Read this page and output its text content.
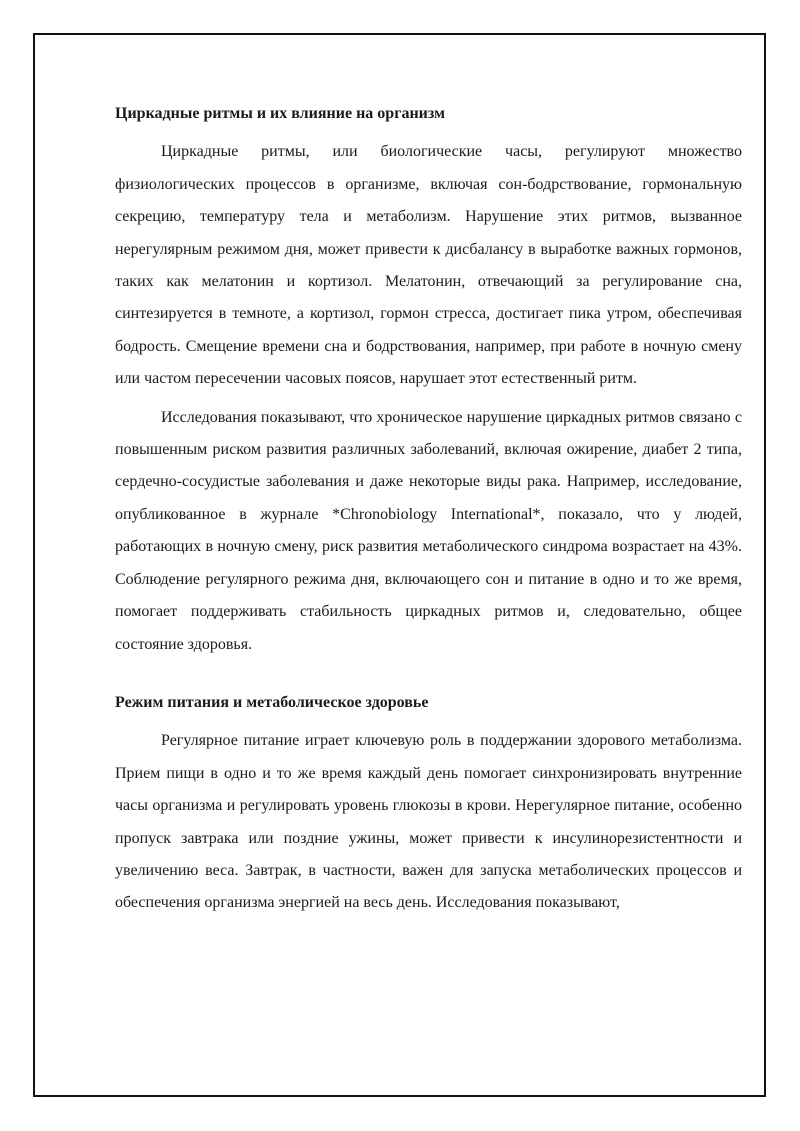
Циркадные ритмы и их влияние на организм

Циркадные ритмы, или биологические часы, регулируют множество физиологических процессов в организме, включая сон-бодрствование, гормональную секрецию, температуру тела и метаболизм. Нарушение этих ритмов, вызванное нерегулярным режимом дня, может привести к дисбалансу в выработке важных гормонов, таких как мелатонин и кортизол. Мелатонин, отвечающий за регулирование сна, синтезируется в темноте, а кортизол, гормон стресса, достигает пика утром, обеспечивая бодрость. Смещение времени сна и бодрствования, например, при работе в ночную смену или частом пересечении часовых поясов, нарушает этот естественный ритм.

Исследования показывают, что хроническое нарушение циркадных ритмов связано с повышенным риском развития различных заболеваний, включая ожирение, диабет 2 типа, сердечно-сосудистые заболевания и даже некоторые виды рака. Например, исследование, опубликованное в журнале *Chronobiology International*, показало, что у людей, работающих в ночную смену, риск развития метаболического синдрома возрастает на 43%. Соблюдение регулярного режима дня, включающего сон и питание в одно и то же время, помогает поддерживать стабильность циркадных ритмов и, следовательно, общее состояние здоровья.

Режим питания и метаболическое здоровье

Регулярное питание играет ключевую роль в поддержании здорового метаболизма. Прием пищи в одно и то же время каждый день помогает синхронизировать внутренние часы организма и регулировать уровень глюкозы в крови. Нерегулярное питание, особенно пропуск завтрака или поздние ужины, может привести к инсулинорезистентности и увеличению веса. Завтрак, в частности, важен для запуска метаболических процессов и обеспечения организма энергией на весь день. Исследования показывают,
